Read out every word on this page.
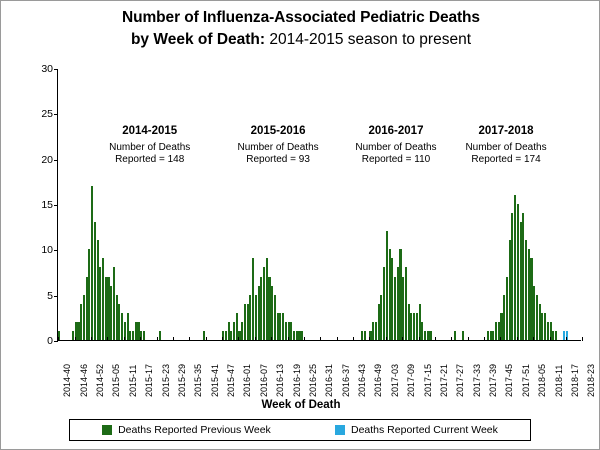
Number of Influenza-Associated Pediatric Deaths
by Week of Death: 2014-2015 season to present
0
5
10
15
20
25
30
2014-2015
Number of Deaths
Reported = 148
2015-2016
Number of Deaths
Reported = 93
2016-2017
Number of Deaths
Reported = 110
2017-2018
Number of Deaths
Reported = 174
2014-40 2014-46 2014-52 2015-05 2015-11 2015-17 2015-23 2015-29 2015-35 2015-41 2015-47 2016-01 2016-07 2016-13 2016-19 2016-25 2016-31 2016-37 2016-43 2016-49 2017-03 2017-09 2017-15 2017-21 2017-27 2017-33 2017-39 2017-45 2017-51 2018-05 2018-11 2018-17 2018-23
Week of Death
Deaths Reported Previous Week	Deaths Reported Current Week
